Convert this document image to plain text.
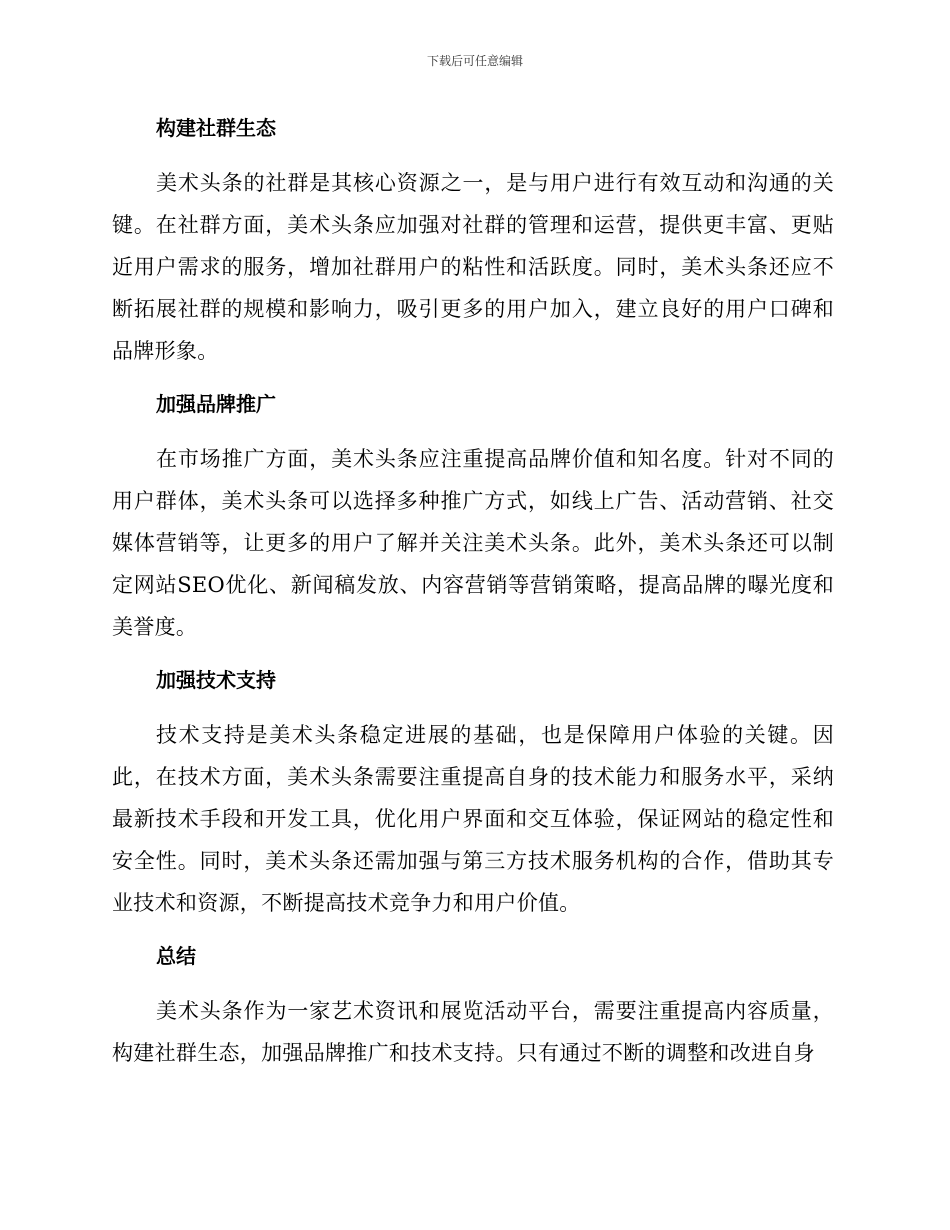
下载后可任意编辑
构建社群生态

美术头条的社群是其核心资源之一，是与用户进行有效互动和沟通的关键。在社群方面，美术头条应加强对社群的管理和运营，提供更丰富、更贴近用户需求的服务，增加社群用户的粘性和活跃度。同时，美术头条还应不断拓展社群的规模和影响力，吸引更多的用户加入，建立良好的用户口碑和品牌形象。

加强品牌推广

在市场推广方面，美术头条应注重提高品牌价值和知名度。针对不同的用户群体，美术头条可以选择多种推广方式，如线上广告、活动营销、社交媒体营销等，让更多的用户了解并关注美术头条。此外，美术头条还可以制定网站SEO优化、新闻稿发放、内容营销等营销策略，提高品牌的曝光度和美誉度。

加强技术支持

技术支持是美术头条稳定进展的基础，也是保障用户体验的关键。因此，在技术方面，美术头条需要注重提高自身的技术能力和服务水平，采纳最新技术手段和开发工具，优化用户界面和交互体验，保证网站的稳定性和安全性。同时，美术头条还需加强与第三方技术服务机构的合作，借助其专业技术和资源，不断提高技术竞争力和用户价值。

总结

美术头条作为一家艺术资讯和展览活动平台，需要注重提高内容质量，构建社群生态，加强品牌推广和技术支持。只有通过不断的调整和改进自身
